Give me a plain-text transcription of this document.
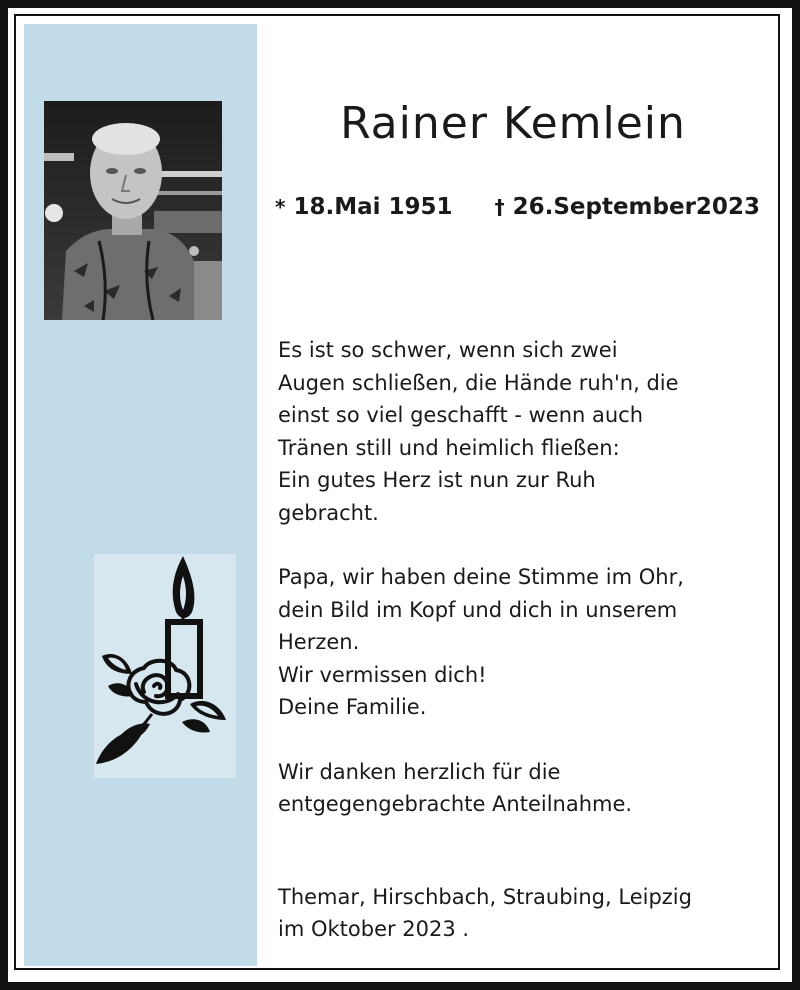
Rainer Kemlein
* 18.Mai 1951 † 26.September2023

Es ist so schwer, wenn sich zwei
Augen schließen, die Hände ruh'n, die
einst so viel geschafft - wenn auch
Tränen still und heimlich fließen:
Ein gutes Herz ist nun zur Ruh
gebracht.

Papa, wir haben deine Stimme im Ohr,
dein Bild im Kopf und dich in unserem
Herzen.
Wir vermissen dich!
Deine Familie.

Wir danken herzlich für die
entgegengebrachte Anteilnahme.

Themar, Hirschbach, Straubing, Leipzig
im Oktober 2023 .
